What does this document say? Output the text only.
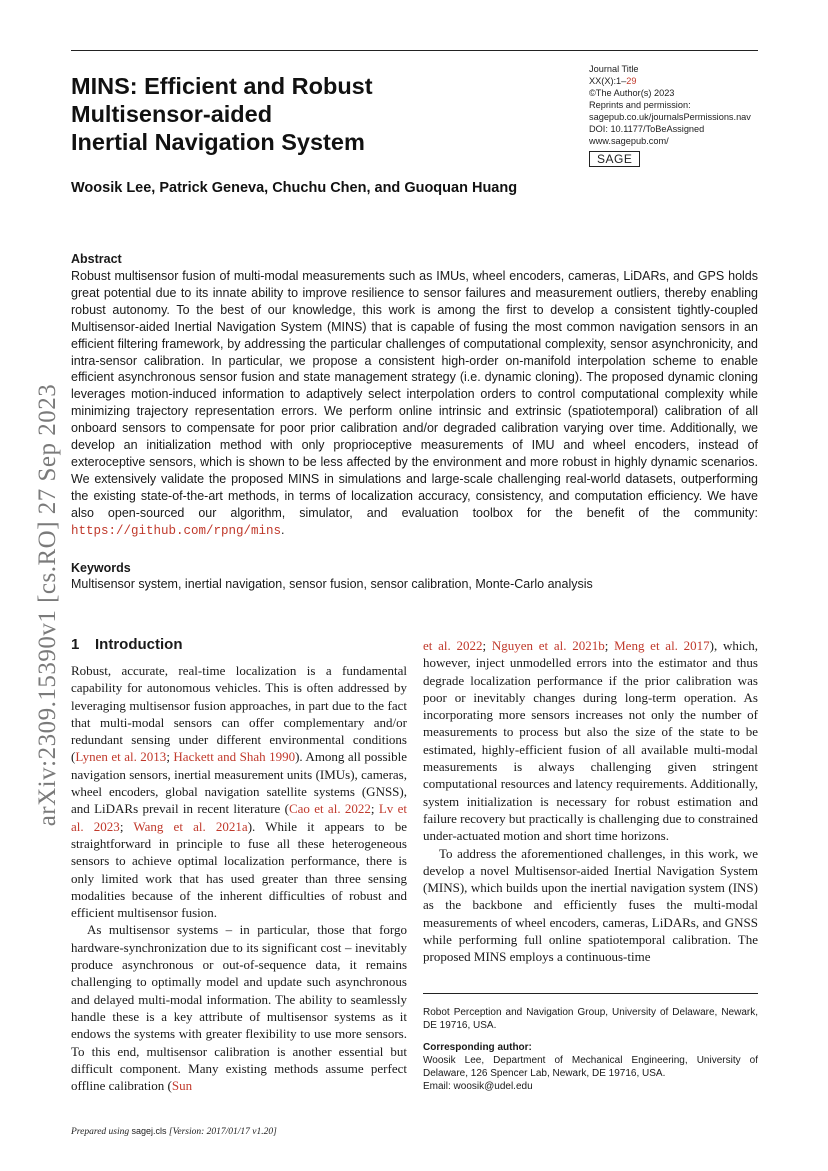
arXiv:2309.15390v1 [cs.RO] 27 Sep 2023
MINS: Efficient and Robust
Multisensor-aided
Inertial Navigation System
Journal Title
XX(X):1–29
©The Author(s) 2023
Reprints and permission:
sagepub.co.uk/journalsPermissions.nav
DOI: 10.1177/ToBeAssigned
www.sagepub.com/
SAGE
Woosik Lee, Patrick Geneva, Chuchu Chen, and Guoquan Huang
Abstract
Robust multisensor fusion of multi-modal measurements such as IMUs, wheel encoders, cameras, LiDARs, and GPS holds great potential due to its innate ability to improve resilience to sensor failures and measurement outliers, thereby enabling robust autonomy. To the best of our knowledge, this work is among the first to develop a consistent tightly-coupled Multisensor-aided Inertial Navigation System (MINS) that is capable of fusing the most common navigation sensors in an efficient filtering framework, by addressing the particular challenges of computational complexity, sensor asynchronicity, and intra-sensor calibration. In particular, we propose a consistent high-order on-manifold interpolation scheme to enable efficient asynchronous sensor fusion and state management strategy (i.e. dynamic cloning). The proposed dynamic cloning leverages motion-induced information to adaptively select interpolation orders to control computational complexity while minimizing trajectory representation errors. We perform online intrinsic and extrinsic (spatiotemporal) calibration of all onboard sensors to compensate for poor prior calibration and/or degraded calibration varying over time. Additionally, we develop an initialization method with only proprioceptive measurements of IMU and wheel encoders, instead of exteroceptive sensors, which is shown to be less affected by the environment and more robust in highly dynamic scenarios. We extensively validate the proposed MINS in simulations and large-scale challenging real-world datasets, outperforming the existing state-of-the-art methods, in terms of localization accuracy, consistency, and computation efficiency. We have also open-sourced our algorithm, simulator, and evaluation toolbox for the benefit of the community: https://github.com/rpng/mins.
Keywords
Multisensor system, inertial navigation, sensor fusion, sensor calibration, Monte-Carlo analysis
1 Introduction

Robust, accurate, real-time localization is a fundamental capability for autonomous vehicles. This is often addressed by leveraging multisensor fusion approaches, in part due to the fact that multi-modal sensors can offer complementary and/or redundant sensing under different environmental conditions (Lynen et al. 2013; Hackett and Shah 1990). Among all possible navigation sensors, inertial measurement units (IMUs), cameras, wheel encoders, global navigation satellite systems (GNSS), and LiDARs prevail in recent literature (Cao et al. 2022; Lv et al. 2023; Wang et al. 2021a). While it appears to be straightforward in principle to fuse all these heterogeneous sensors to achieve optimal localization performance, there is only limited work that has used greater than three sensing modalities because of the inherent difficulties of robust and efficient multisensor fusion.

As multisensor systems – in particular, those that forgo hardware-synchronization due to its significant cost – inevitably produce asynchronous or out-of-sequence data, it remains challenging to optimally model and update such asynchronous and delayed multi-modal information. The ability to seamlessly handle these is a key attribute of multisensor systems as it endows the systems with greater flexibility to use more sensors. To this end, multisensor calibration is another essential but difficult component. Many existing methods assume perfect offline calibration (Sun

et al. 2022; Nguyen et al. 2021b; Meng et al. 2017), which, however, inject unmodelled errors into the estimator and thus degrade localization performance if the prior calibration was poor or inevitably changes during long-term operation. As incorporating more sensors increases not only the number of measurements to process but also the size of the state to be estimated, highly-efficient fusion of all available multi-modal measurements is always challenging given stringent computational resources and latency requirements. Additionally, system initialization is necessary for robust estimation and failure recovery but practically is challenging due to constrained under-actuated motion and short time horizons.

To address the aforementioned challenges, in this work, we develop a novel Multisensor-aided Inertial Navigation System (MINS), which builds upon the inertial navigation system (INS) as the backbone and efficiently fuses the multi-modal measurements of wheel encoders, cameras, LiDARs, and GNSS while performing full online spatiotemporal calibration. The proposed MINS employs a continuous-time

Robot Perception and Navigation Group, University of Delaware, Newark, DE 19716, USA.
Corresponding author:
Woosik Lee, Department of Mechanical Engineering, University of Delaware, 126 Spencer Lab, Newark, DE 19716, USA.
Email: woosik@udel.edu
Prepared using sagej.cls [Version: 2017/01/17 v1.20]
